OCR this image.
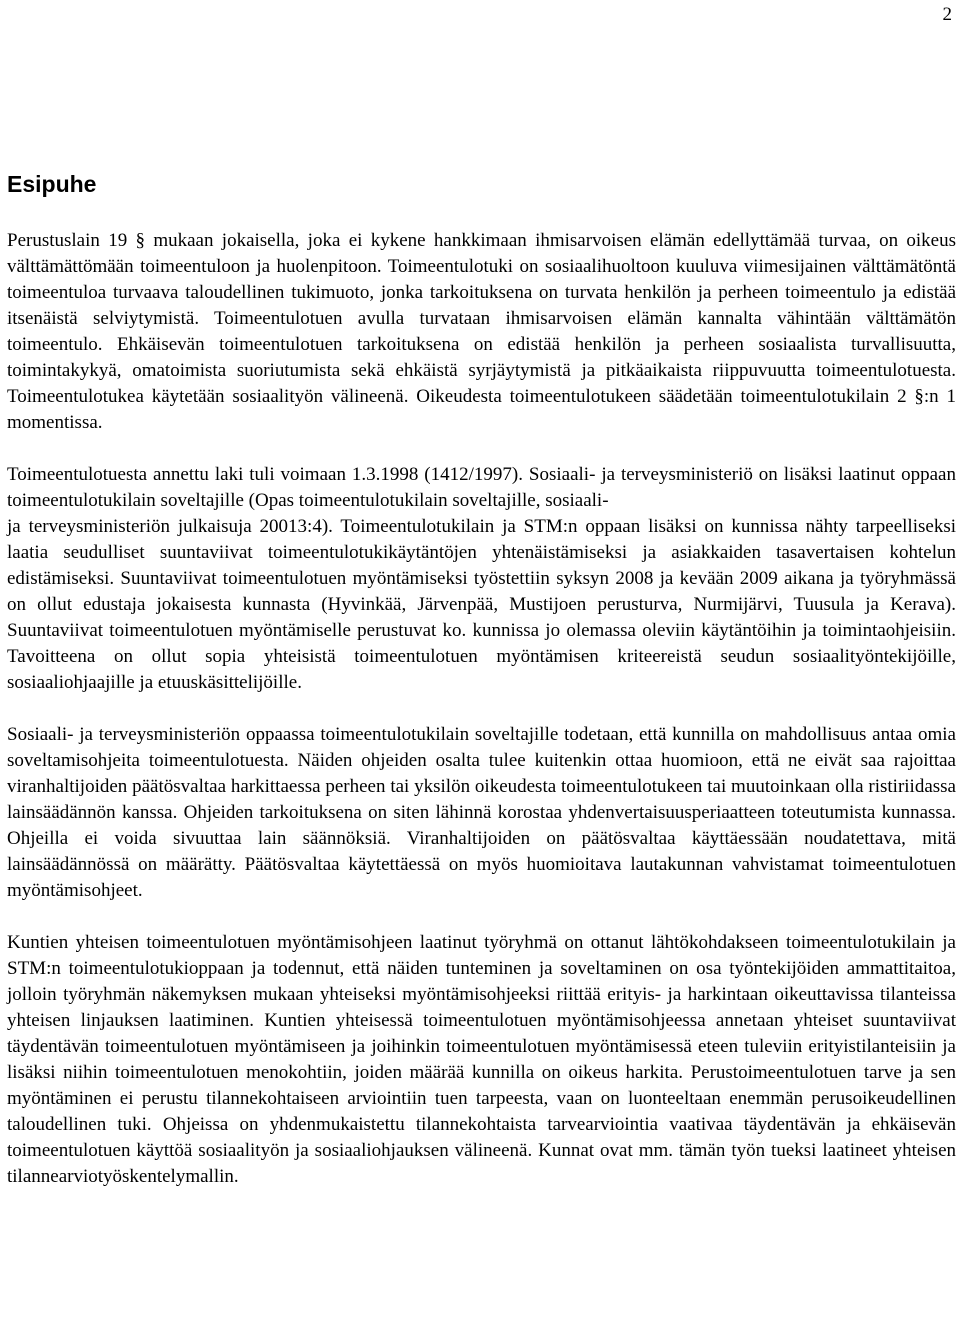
2
Esipuhe

Perustuslain 19 § mukaan jokaisella, joka ei kykene hankkimaan ihmisarvoisen elämän edellyttämää turvaa, on oikeus välttämättömään toimeentuloon ja huolenpitoon. Toimeentulotuki on sosiaalihuoltoon kuuluva viimesijainen välttämätöntä toimeentuloa turvaava taloudellinen tukimuoto, jonka tarkoituksena on turvata henkilön ja perheen toimeentulo ja edistää itsenäistä selviytymistä. Toimeentulotuen avulla turvataan ihmisarvoisen elämän kannalta vähintään välttämätön toimeentulo. Ehkäisevän toimeentulotuen tarkoituksena on edistää henkilön ja perheen sosiaalista turvallisuutta, toimintakykyä, omatoimista suoriutumista sekä ehkäistä syrjäytymistä ja pitkäaikaista riippuvuutta toimeentulotuesta. Toimeentulotukea käytetään sosiaalityön välineenä. Oikeudesta toimeentulotukeen säädetään toimeentulotukilain 2 §:n 1 momentissa.

Toimeentulotuesta annettu laki tuli voimaan 1.3.1998 (1412/1997). Sosiaali- ja terveysministeriö on lisäksi laatinut oppaan toimeentulotukilain soveltajille (Opas toimeentulotukilain soveltajille, sosiaali-
ja terveysministeriön julkaisuja 20013:4). Toimeentulotukilain ja STM:n oppaan lisäksi on kunnissa nähty tarpeelliseksi laatia seudulliset suuntaviivat toimeentulotukikäytäntöjen yhtenäistämiseksi ja asiakkaiden tasavertaisen kohtelun edistämiseksi. Suuntaviivat toimeentulotuen myöntämiseksi työstettiin syksyn 2008 ja kevään 2009 aikana ja työryhmässä on ollut edustaja jokaisesta kunnasta (Hyvinkää, Järvenpää, Mustijoen perusturva, Nurmijärvi, Tuusula ja Kerava). Suuntaviivat toimeentulotuen myöntämiselle perustuvat ko. kunnissa jo olemassa oleviin käytäntöihin ja toimintaohjeisiin. Tavoitteena on ollut sopia yhteisistä toimeentulotuen myöntämisen kriteereistä seudun sosiaalityöntekijöille, sosiaaliohjaajille ja etuuskäsittelijöille.

Sosiaali- ja terveysministeriön oppaassa toimeentulotukilain soveltajille todetaan, että kunnilla on mahdollisuus antaa omia soveltamisohjeita toimeentulotuesta. Näiden ohjeiden osalta tulee kuitenkin ottaa huomioon, että ne eivät saa rajoittaa viranhaltijoiden päätösvaltaa harkittaessa perheen tai yksilön oikeudesta toimeentulotukeen tai muutoinkaan olla ristiriidassa lainsäädännön kanssa. Ohjeiden tarkoituksena on siten lähinnä korostaa yhdenvertaisuusperiaatteen toteutumista kunnassa. Ohjeilla ei voida sivuuttaa lain säännöksiä. Viranhaltijoiden on päätösvaltaa käyttäessään noudatettava, mitä lainsäädännössä on määrätty. Päätösvaltaa käytettäessä on myös huomioitava lautakunnan vahvistamat toimeentulotuen myöntämisohjeet.

Kuntien yhteisen toimeentulotuen myöntämisohjeen laatinut työryhmä on ottanut lähtökohdakseen toimeentulotukilain ja STM:n toimeentulotukioppaan ja todennut, että näiden tunteminen ja soveltaminen on osa työntekijöiden ammattitaitoa, jolloin työryhmän näkemyksen mukaan yhteiseksi myöntämisohjeeksi riittää erityis- ja harkintaan oikeuttavissa tilanteissa yhteisen linjauksen laatiminen. Kuntien yhteisessä toimeentulotuen myöntämisohjeessa annetaan yhteiset suuntaviivat täydentävän toimeentulotuen myöntämiseen ja joihinkin toimeentulotuen myöntämisessä eteen tuleviin erityistilanteisiin ja lisäksi niihin toimeentulotuen menokohtiin, joiden määrää kunnilla on oikeus harkita. Perustoimeentulotuen tarve ja sen myöntäminen ei perustu tilannekohtaiseen arviointiin tuen tarpeesta, vaan on luonteeltaan enemmän perusoikeudellinen taloudellinen tuki. Ohjeissa on yhdenmukaistettu tilannekohtaista tarvearviointia vaativaa täydentävän ja ehkäisevän toimeentulotuen käyttöä sosiaalityön ja sosiaaliohjauksen välineenä. Kunnat ovat mm. tämän työn tueksi laatineet yhteisen tilannearviotyöskentelymallin.
